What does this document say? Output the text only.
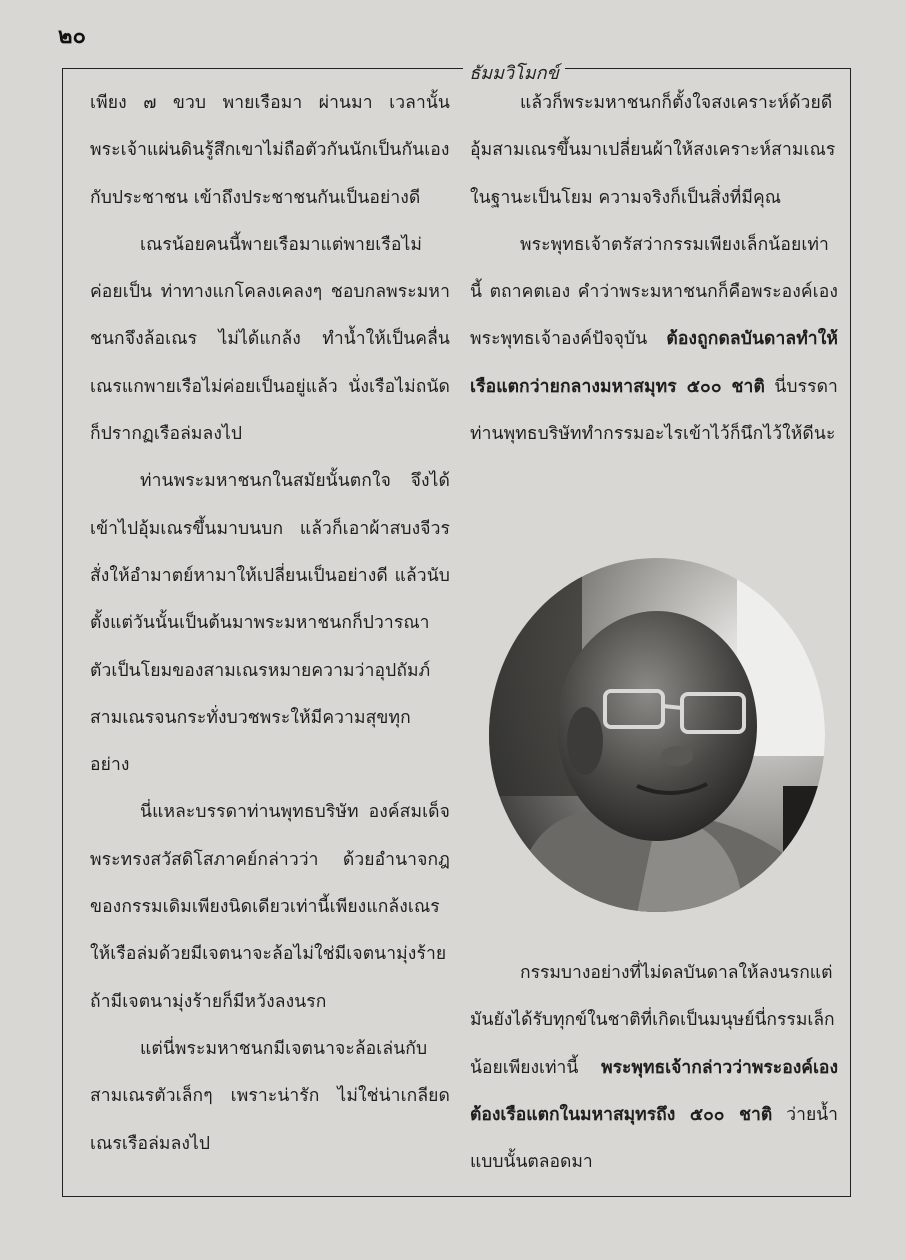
๒๐
ธัมมวิโมกข์

เพียง ๗ ขวบ พายเรือมา ผ่านมา เวลานั้นพระเจ้าแผ่นดินรู้สึกเขาไม่ถือตัวกันนักเป็นกันเองกับประชาชน เข้าถึงประชาชนกันเป็นอย่างดี

เณรน้อยคนนี้พายเรือมาแต่พายเรือไม่ค่อยเป็น ท่าทางแกโคลงเคลงๆ ชอบกลพระมหาชนกจึงล้อเณร ไม่ได้แกล้ง ทำน้ำให้เป็นคลื่น เณรแกพายเรือไม่ค่อยเป็นอยู่แล้ว นั่งเรือไม่ถนัด ก็ปรากฏเรือล่มลงไป

ท่านพระมหาชนกในสมัยนั้นตกใจ จึงได้เข้าไปอุ้มเณรขึ้นมาบนบก แล้วก็เอาผ้าสบงจีวร สั่งให้อำมาตย์หามาให้เปลี่ยนเป็นอย่างดี แล้วนับตั้งแต่วันนั้นเป็นต้นมาพระมหาชนกก็ปวารณาตัวเป็นโยมของสามเณรหมายความว่าอุปถัมภ์สามเณรจนกระทั่งบวชพระให้มีความสุขทุกอย่าง

นี่แหละบรรดาท่านพุทธบริษัท องค์สมเด็จพระทรงสวัสดิโสภาคย์กล่าวว่า ด้วยอำนาจกฎของกรรมเดิมเพียงนิดเดียวเท่านี้เพียงแกล้งเณรให้เรือล่มด้วยมีเจตนาจะล้อไม่ใช่มีเจตนามุ่งร้าย ถ้ามีเจตนามุ่งร้ายก็มีหวังลงนรก

แต่นี่พระมหาชนกมีเจตนาจะล้อเล่นกับสามเณรตัวเล็กๆ เพราะน่ารัก ไม่ใช่น่าเกลียด เณรเรือล่มลงไป

แล้วก็พระมหาชนกก็ตั้งใจสงเคราะห์ด้วยดี อุ้มสามเณรขึ้นมาเปลี่ยนผ้าให้สงเคราะห์สามเณรในฐานะเป็นโยม ความจริงก็เป็นสิ่งที่มีคุณ

พระพุทธเจ้าตรัสว่ากรรมเพียงเล็กน้อยเท่านี้ ตถาคตเอง คำว่าพระมหาชนกก็คือพระองค์เองพระพุทธเจ้าองค์ปัจจุบัน ต้องถูกดลบันดาลทำให้เรือแตกว่ายกลางมหาสมุทร ๕๐๐ ชาติ นี่บรรดาท่านพุทธบริษัททำกรรมอะไรเข้าไว้ก็นึกไว้ให้ดีนะ

กรรมบางอย่างที่ไม่ดลบันดาลให้ลงนรกแต่มันยังได้รับทุกข์ในชาติที่เกิดเป็นมนุษย์นี่กรรมเล็กน้อยเพียงเท่านี้ พระพุทธเจ้ากล่าวว่าพระองค์เองต้องเรือแตกในมหาสมุทรถึง ๕๐๐ ชาติ ว่ายน้ำแบบนั้นตลอดมา
